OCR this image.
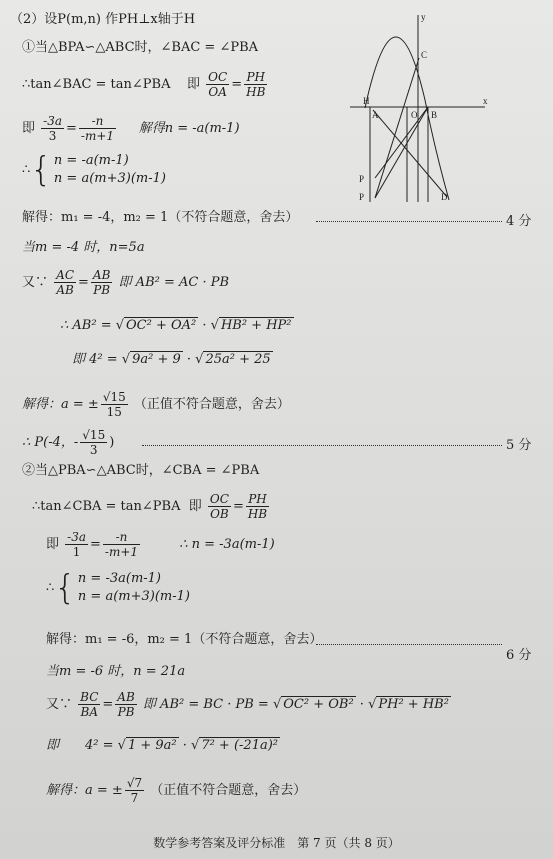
（2）设P(m,n) 作PH⊥x轴于H
x
y
H
O B
C
D
P
P
A
①当△BPA∽△ABC时，∠BAC = ∠PBA
∴tan∠BAC = tan∠PBA 即 $\frac{OC}{OA} = \frac{PH}{HB}$
即 $\frac{-3a}{3} = \frac{-n}{-m+1}$ 解得n = -a(m-1)
∴{ n = -a(m-1)
n = a(m+3)(m-1)
解得：m₁ = -4，m₂ = 1（不符合题意，舍去）	4 分
当m = -4 时，n=5a
又∵ $\frac{AC}{AB} = \frac{AB}{PB}$ 即 AB² = AC · PB
∴ AB² = √ OC² + OA² · √ HB² + HP²
即 4² = √ 9a² + 9 · √ 25a² + 25
解得：a = ± $\frac{√15}{15}$ （正值不符合题意，舍去）
∴ P(-4，- $\frac{√15}{3}$ )	5 分
②当△PBA∽△ABC时，∠CBA = ∠PBA
∴tan∠CBA = tan∠PBA 即 $\frac{OC}{OB} = \frac{PH}{HB}$
即 $\frac{-3a}{1} = \frac{-n}{-m+1}$	∴ n = -3a(m-1)
∴{ n = -3a(m-1)
n = a(m+3)(m-1)
解得：m₁ = -6，m₂ = 1（不符合题意，舍去）
6 分
当m = -6 时，n = 21a
又∵ $\frac{BC}{BA} = \frac{AB}{PB}$ 即 AB² = BC · PB = √ OC² + OB² · √ PH² + HB²
即　　4² = √ 1 + 9a² · √ 7² + (-21a)²
解得：a = ± $\frac{√7}{7}$ （正值不符合题意，舍去）
数学参考答案及评分标准　第 7 页（共 8 页）
